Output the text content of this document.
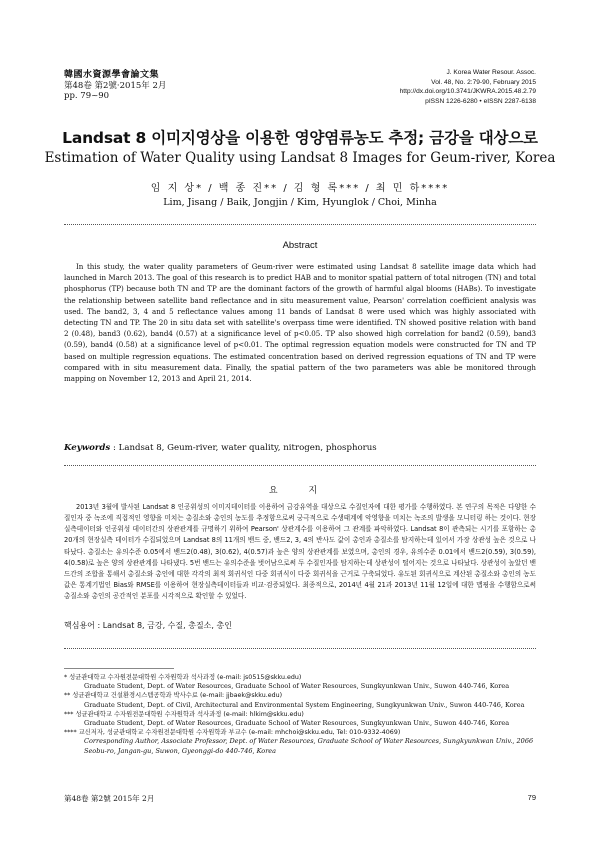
韓國水資源學會論文集
第48卷 第2號·2015年 2月
pp. 79~90
J. Korea Water Resour. Assoc.
Vol. 48, No. 2:79-90, February 2015
http://dx.doi.org/10.3741/JKWRA.2015.48.2.79
pISSN 1226-6280 • eISSN 2287-6138
Landsat 8 이미지영상을 이용한 영양염류농도 추정; 금강을 대상으로
Estimation of Water Quality using Landsat 8 Images for Geum-river, Korea
임 지 상* / 백 종 진** / 김 형 록*** / 최 민 하****
Lim, Jisang / Baik, Jongjin / Kim, Hyunglok / Choi, Minha
Abstract
In this study, the water quality parameters of Geum-river were estimated using Landsat 8 satellite image data which had launched in March 2013. The goal of this research is to predict HAB and to monitor spatial pattern of total nitrogen (TN) and total phosphorus (TP) because both TN and TP are the dominant factors of the growth of harmful algal blooms (HABs). To investigate the relationship between satellite band reflectance and in situ measurement value, Pearson' correlation coefficient analysis was used. The band2, 3, 4 and 5 reflectance values among 11 bands of Landsat 8 were used which was highly associated with detecting TN and TP. The 20 in situ data set with satellite's overpass time were identified. TN showed positive relation with band 2 (0.48), band3 (0.62), band4 (0.57) at a significance level of p<0.05. TP also showed high correlation for band2 (0.59), band3 (0.59), band4 (0.58) at a significance level of p<0.01. The optimal regression equation models were constructed for TN and TP based on multiple regression equations. The estimated concentration based on derived regression equations of TN and TP were compared with in situ measurement data. Finally, the spatial pattern of the two parameters was able be monitored through mapping on November 12, 2013 and April 21, 2014.
Keywords : Landsat 8, Geum-river, water quality, nitrogen, phosphorus
요 지
2013년 3월에 발사된 Landsat 8 인공위성의 이미지데이터를 이용하여 금강유역을 대상으로 수질인자에 대한 평가를 수행하였다. 본 연구의 목적은 다양한 수질인자 중 녹조에 직접적인 영향을 미치는 총질소와 총인의 농도를 추정함으로써 궁극적으로 수생태계에 악영향을 미치는 녹조의 발생을 모니터링 하는 것이다. 현장실측데이터와 인공위성 데이터간의 상관관계를 규명하기 위하여 Pearson' 상관계수를 이용하여 그 관계를 파악하였다. Landsat 8이 관측되는 시기를 포함하는 총 20개의 현장실측 데이터가 수집되었으며 Landsat 8의 11개의 밴드 중, 밴드2, 3, 4의 반사도 값이 총인과 총질소를 탐지하는데 있어서 가장 상관성 높은 것으로 나타났다. 총질소는 유의수준 0.05에서 밴드2(0.48), 3(0.62), 4(0.57)과 높은 양의 상관관계를 보였으며, 총인의 경우, 유의수준 0.01에서 밴드2(0.59), 3(0.59), 4(0.58)로 높은 양의 상관관계를 나타냈다. 5번 밴드는 유의수준을 벗어남으로써 두 수질인자를 탐지하는데 상관성이 떨어지는 것으로 나타났다. 상관성이 높았던 밴드간의 조합을 통해서 총질소와 총인에 대한 각각의 최적 회귀식인 다중 회귀식이 다중 회귀식을 근거로 구축되었다. 유도된 회귀식으로 계산된 총질소와 총인의 농도값은 통계기법인 Bias와 RMSE를 이용하여 현장실측데이터들과 비교·검증되었다. 최종적으로, 2014년 4월 21과 2013년 11월 12일에 대한 맵핑을 수행함으로써 총질소와 총인의 공간적인 분포를 시각적으로 확인할 수 있었다.
핵심용어 : Landsat 8, 금강, 수질, 총질소, 총인
* 성균관대학교 수자원전문대학원 수자원학과 석사과정 (e-mail: js0515@skku.edu)
Graduate Student, Dept. of Water Resources, Graduate School of Water Resources, Sungkyunkwan Univ., Suwon 440-746, Korea
** 성균관대학교 건설환경시스템공학과 박사수료 (e-mail: jjbaek@skku.edu)
Graduate Student, Dept. of Civil, Architectural and Environmental System Engineering, Sungkyunkwan Univ., Suwon 440-746, Korea
*** 성균관대학교 수자원전문대학원 수자원학과 석사과정 (e-mail: hlkim@skku.edu)
Graduate Student, Dept. of Water Resources, Graduate School of Water Resources, Sungkyunkwan Univ., Suwon 440-746, Korea
**** 교신저자, 성균관대학교 수자원전문대학원 수자원학과 부교수 (e-mail: mhchoi@skku.edu, Tel: 010-9332-4069)
Corresponding Author, Associate Professor, Dept. of Water Resources, Graduate School of Water Resources, Sungkyunkwan Univ., 2066 Seobu-ro, Jangan-gu, Suwon, Gyeonggi-do 440-746, Korea
第48卷 第2號 2015年 2月	79
